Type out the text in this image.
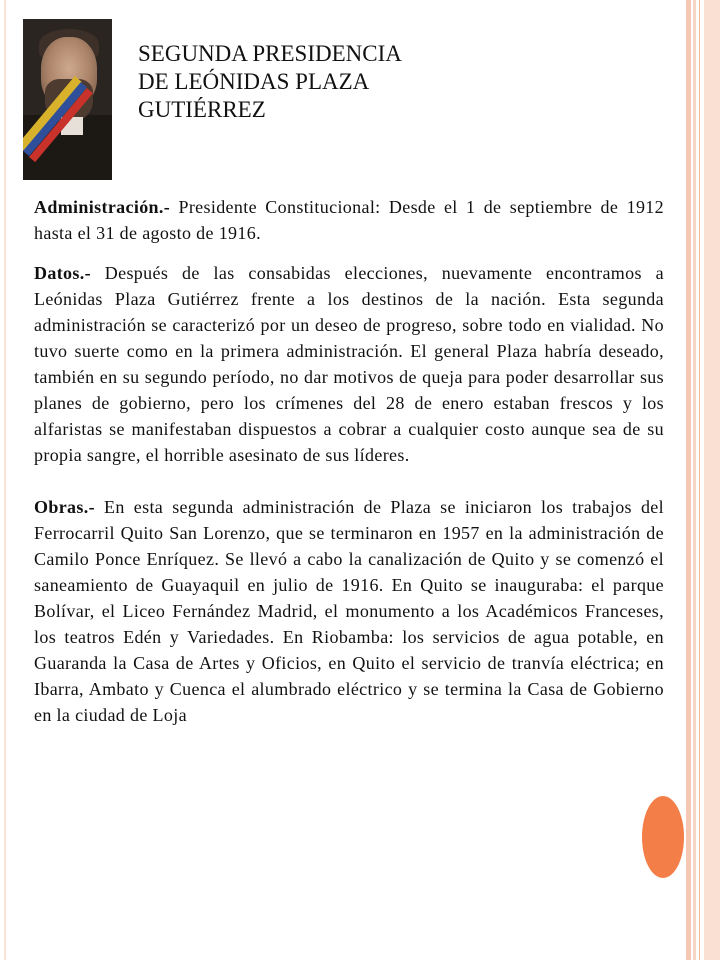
SEGUNDA PRESIDENCIA
DE LEÓNIDAS PLAZA
GUTIÉRREZ

Administración.- Presidente Constitucional: Desde el 1 de septiembre de 1912 hasta el 31 de agosto de 1916.

Datos.- Después de las consabidas elecciones, nuevamente encontramos a Leónidas Plaza Gutiérrez frente a los destinos de la nación. Esta segunda administración se caracterizó por un deseo de progreso, sobre todo en vialidad. No tuvo suerte como en la primera administración. El general Plaza habría deseado, también en su segundo período, no dar motivos de queja para poder desarrollar sus planes de gobierno, pero los crímenes del 28 de enero estaban frescos y los alfaristas se manifestaban dispuestos a cobrar a cualquier costo aunque sea de su propia sangre, el horrible asesinato de sus líderes.

Obras.- En esta segunda administración de Plaza se iniciaron los trabajos del Ferrocarril Quito San Lorenzo, que se terminaron en 1957 en la administración de Camilo Ponce Enríquez. Se llevó a cabo la canalización de Quito y se comenzó el saneamiento de Guayaquil en julio de 1916. En Quito se inauguraba: el parque Bolívar, el Liceo Fernández Madrid, el monumento a los Académicos Franceses, los teatros Edén y Variedades. En Riobamba: los servicios de agua potable, en Guaranda la Casa de Artes y Oficios, en Quito el servicio de tranvía eléctrica; en Ibarra, Ambato y Cuenca el alumbrado eléctrico y se termina la Casa de Gobierno en la ciudad de Loja
